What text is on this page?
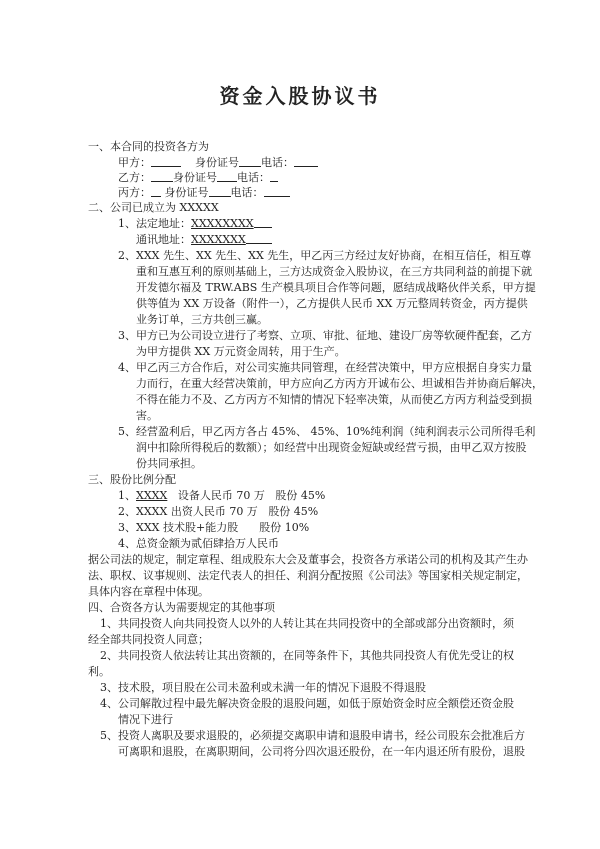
资金入股协议书
一、本合同的投资各方为
甲方：	身份证号 电话：
乙方： 身份证号 电话：
丙方： 身份证号 电话：
二、公司已成立为 XXXXX
1、法定地址：XXXXXXXX
通讯地址：XXXXXXX
2、XXX 先生、XX 先生、XX 先生，甲乙丙三方经过友好协商，在相互信任，相互尊
重和互惠互利的原则基础上，三方达成资金入股协议，在三方共同利益的前提下就
开发德尔福及 TRW.ABS 生产模具项目合作等问题，愿结成战略伙伴关系，甲方提
供等值为 XX 万设备（附件一），乙方提供人民币 XX 万元整周转资金，丙方提供
业务订单，三方共创三赢。
3、甲方已为公司设立进行了考察、立项、审批、征地、建设厂房等软硬件配套，乙方
为甲方提供 XX 万元资金周转，用于生产。
4、甲乙丙三方合作后，对公司实施共同管理，在经营决策中，甲方应根据自身实力量
力而行，在重大经营决策前，甲方应向乙方丙方开诚布公、坦诚相告并协商后解决，
不得在能力不及、乙方丙方不知情的情况下轻率决策，从而使乙方丙方利益受到损
害。
5、经营盈利后，甲乙丙方各占 45%、 45%、10%纯利润（纯利润表示公司所得毛利
润中扣除所得税后的数额）；如经营中出现资金短缺或经营亏损，由甲乙双方按股
份共同承担。
三、股份比例分配
1、XXXX 设备人民币 70 万 股份 45%
2、XXXX 出资人民币 70 万 股份 45%
3、XXX 技术股+能力股 股份 10%
4、总资金额为贰佰肆拾万人民币
据公司法的规定，制定章程、组成股东大会及董事会，投资各方承诺公司的机构及其产生办
法、职权、议事规则、法定代表人的担任、利润分配按照《公司法》等国家相关规定制定，
具体内容在章程中体现。
四、合资各方认为需要规定的其他事项
1、共同投资人向共同投资人以外的人转让其在共同投资中的全部或部分出资额时，须
经全部共同投资人同意；
2、共同投资人依法转让其出资额的，在同等条件下，其他共同投资人有优先受让的权
利。
3、技术股，项目股在公司未盈利或未满一年的情况下退股不得退股
4、公司解散过程中最先解决资金股的退股问题，如低于原始资金时应全额偿还资金股
情况下进行
5、投资人离职及要求退股的，必须提交离职申请和退股申请书，经公司股东会批准后方
可离职和退股，在离职期间，公司将分四次退还股份，在一年内退还所有股份，退股
